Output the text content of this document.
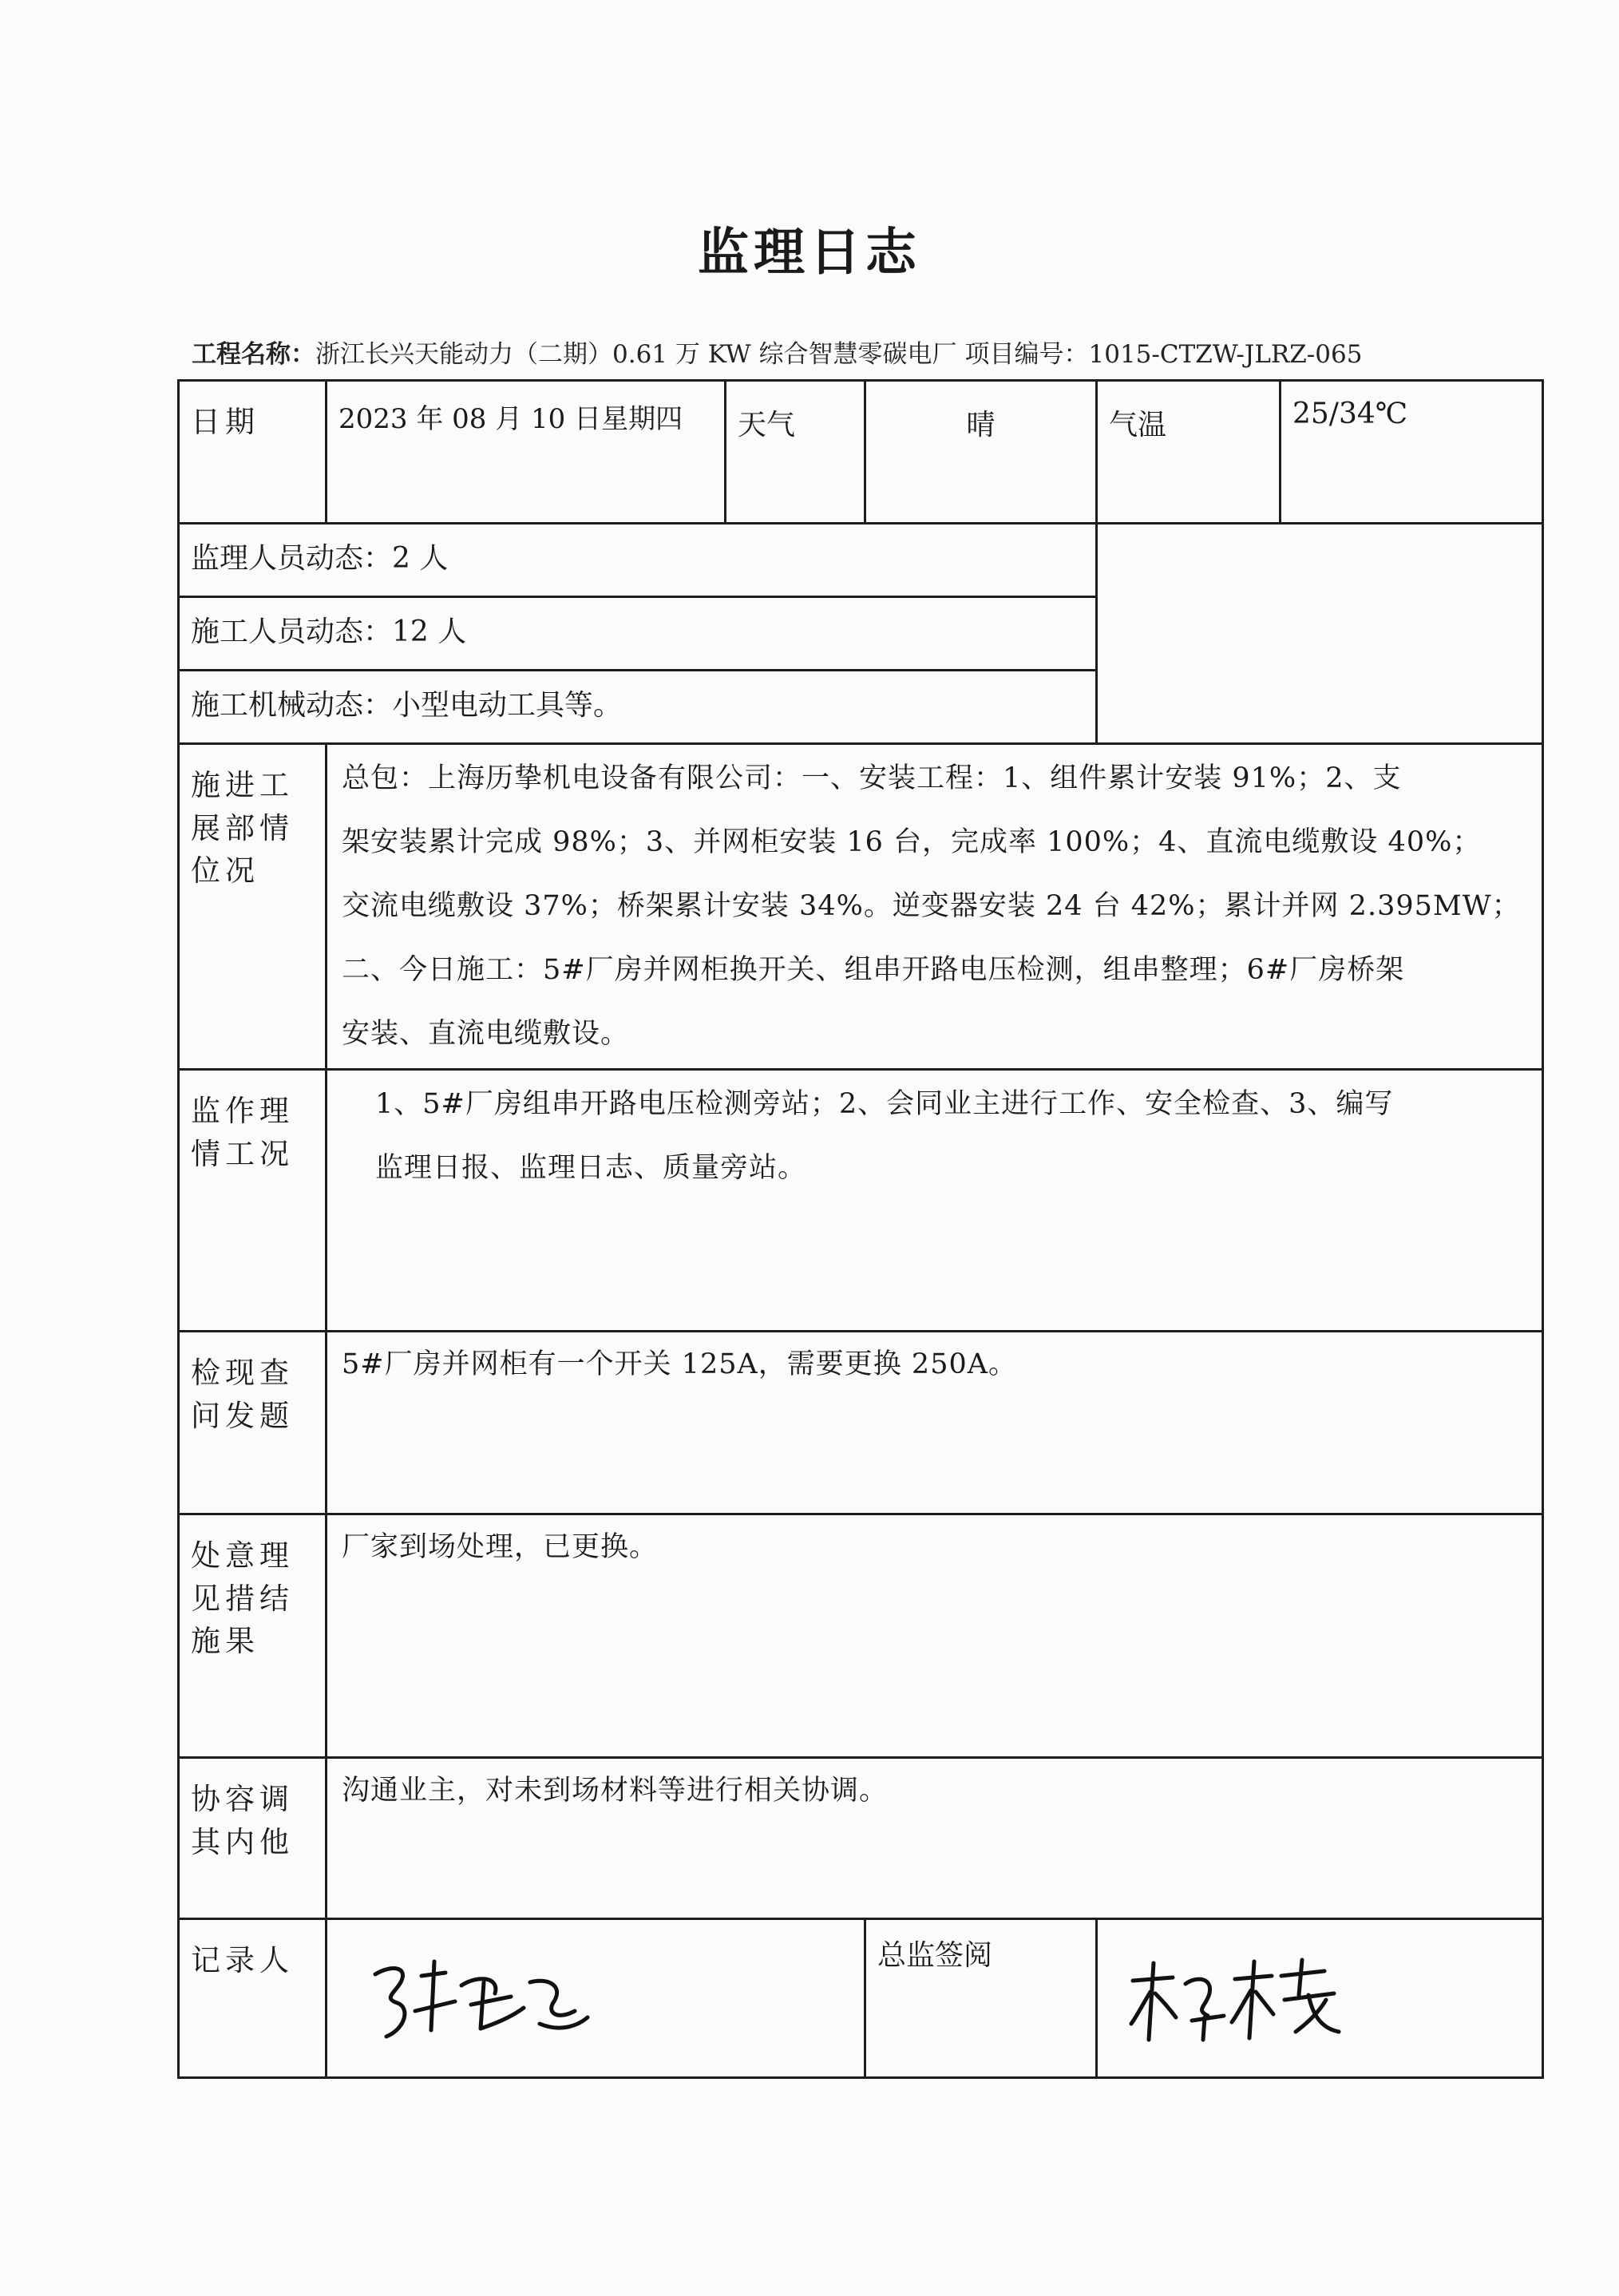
监理日志
工程名称：浙江长兴天能动力（二期）0.61 万 KW 综合智慧零碳电厂 项目编号：1015-CTZW-JLRZ-065
日期	2023 年 08 月 10 日星期四	天气	晴	气温	25/34℃

监理人员动态：2 人					

施工人员动态：12 人					

施工机械动态：小型电动工具等。					

施进工展部情位况	总包：上海历挚机电设备有限公司：一、安装工程：1、组件累计安装 91%；2、支
架安装累计完成 98%；3、并网柜安装 16 台，完成率 100%；4、直流电缆敷设 40%；
交流电缆敷设 37%；桥架累计安装 34%。逆变器安装 24 台 42%；累计并网 2.395MW；
二、今日施工：5#厂房并网柜换开关、组串开路电压检测，组串整理；6#厂房桥架
安装、直流电缆敷设。				

监作理情工况	1、5#厂房组串开路电压检测旁站；2、会同业主进行工作、安全检查、3、编写
监理日报、监理日志、质量旁站。				

检现查问发题	5#厂房并网柜有一个开关 125A，需要更换 250A。				

处意理见措结施果	厂家到场处理，已更换。				

协容调其内他	沟通业主，对未到场材料等进行相关协调。				

记录人			总监签阅
